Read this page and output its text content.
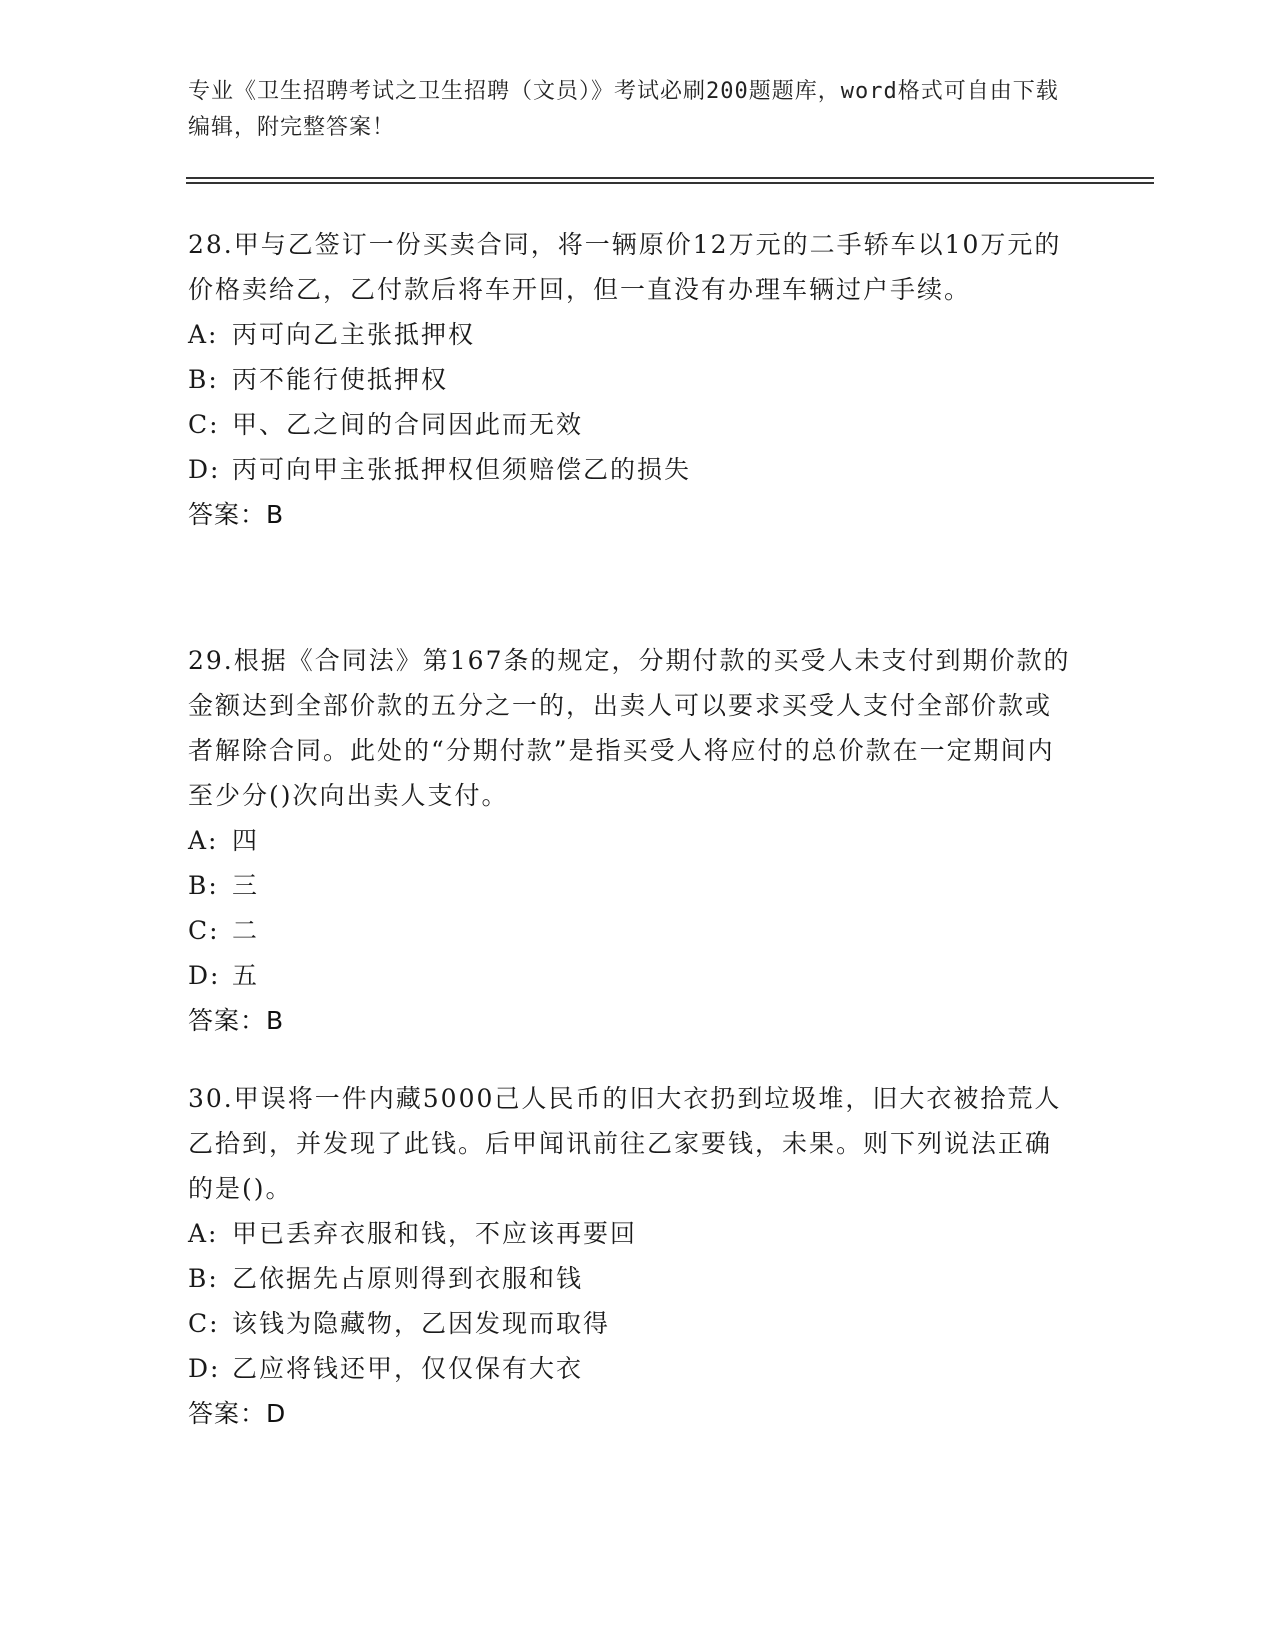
专业《卫生招聘考试之卫生招聘（文员）》考试必刷200题题库，word格式可自由下载编辑，附完整答案！

28.甲与乙签订一份买卖合同，将一辆原价12万元的二手轿车以10万元的价格卖给乙，乙付款后将车开回，但一直没有办理车辆过户手续。

A: 丙可向乙主张抵押权
B: 丙不能行使抵押权
C: 甲、乙之间的合同因此而无效
D: 丙可向甲主张抵押权但须赔偿乙的损失
答案：B

29.根据《合同法》第167条的规定，分期付款的买受人未支付到期价款的金额达到全部价款的五分之一的，出卖人可以要求买受人支付全部价款或者解除合同。此处的“分期付款”是指买受人将应付的总价款在一定期间内至少分()次向出卖人支付。

A: 四
B: 三
C: 二
D: 五
答案：B

30.甲误将一件内藏5000己人民币的旧大衣扔到垃圾堆，旧大衣被拾荒人乙拾到，并发现了此钱。后甲闻讯前往乙家要钱，未果。则下列说法正确的是()。

A: 甲已丢弃衣服和钱，不应该再要回
B: 乙依据先占原则得到衣服和钱
C: 该钱为隐藏物，乙因发现而取得
D: 乙应将钱还甲，仅仅保有大衣
答案：D
